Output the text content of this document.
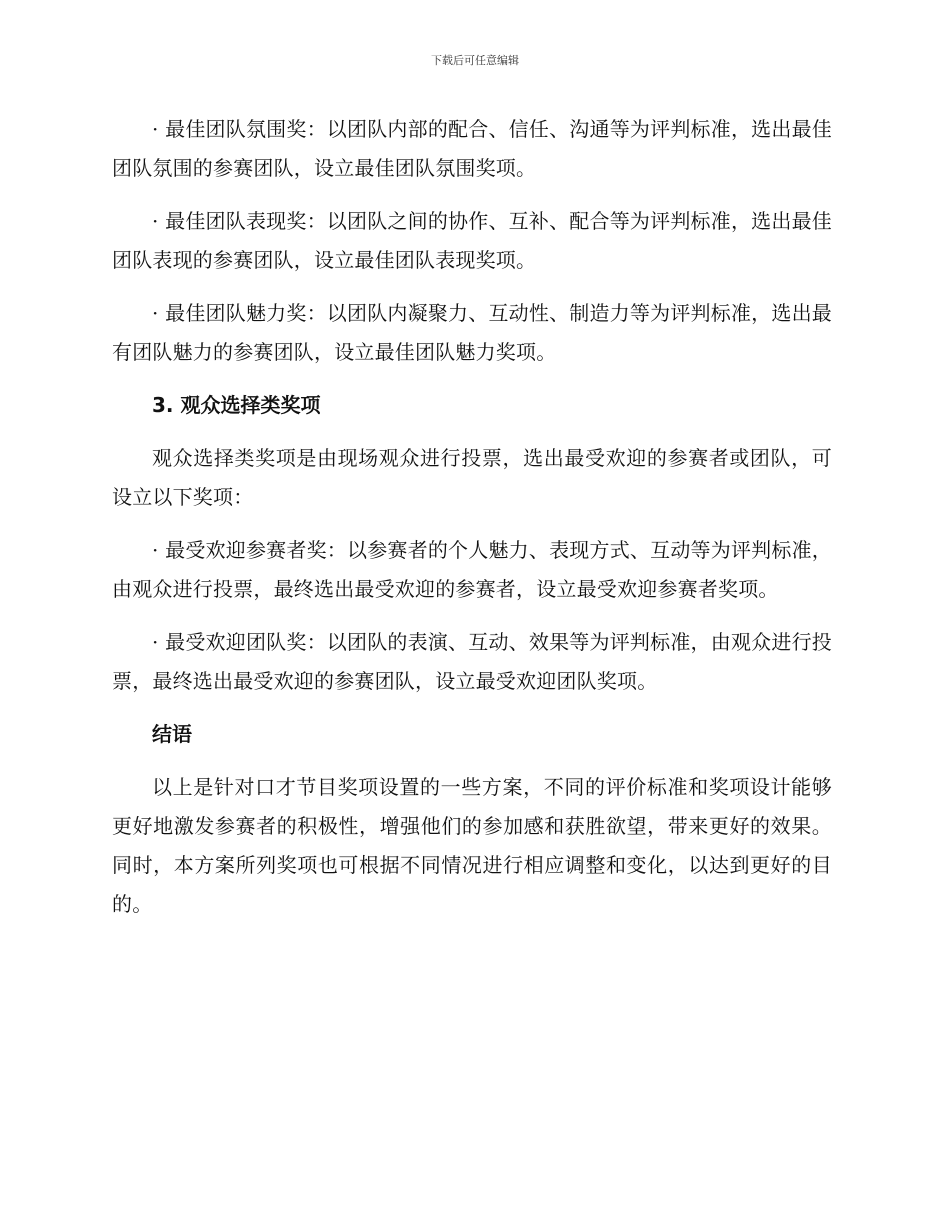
下载后可任意编辑

· 最佳团队氛围奖：以团队内部的配合、信任、沟通等为评判标准，选出最佳团队氛围的参赛团队，设立最佳团队氛围奖项。

· 最佳团队表现奖：以团队之间的协作、互补、配合等为评判标准，选出最佳团队表现的参赛团队，设立最佳团队表现奖项。

· 最佳团队魅力奖：以团队内凝聚力、互动性、制造力等为评判标准，选出最有团队魅力的参赛团队，设立最佳团队魅力奖项。

3. 观众选择类奖项

观众选择类奖项是由现场观众进行投票，选出最受欢迎的参赛者或团队，可设立以下奖项：

· 最受欢迎参赛者奖：以参赛者的个人魅力、表现方式、互动等为评判标准，由观众进行投票，最终选出最受欢迎的参赛者，设立最受欢迎参赛者奖项。

· 最受欢迎团队奖：以团队的表演、互动、效果等为评判标准，由观众进行投票，最终选出最受欢迎的参赛团队，设立最受欢迎团队奖项。

结语

以上是针对口才节目奖项设置的一些方案，不同的评价标准和奖项设计能够更好地激发参赛者的积极性，增强他们的参加感和获胜欲望，带来更好的效果。同时，本方案所列奖项也可根据不同情况进行相应调整和变化，以达到更好的目的。
